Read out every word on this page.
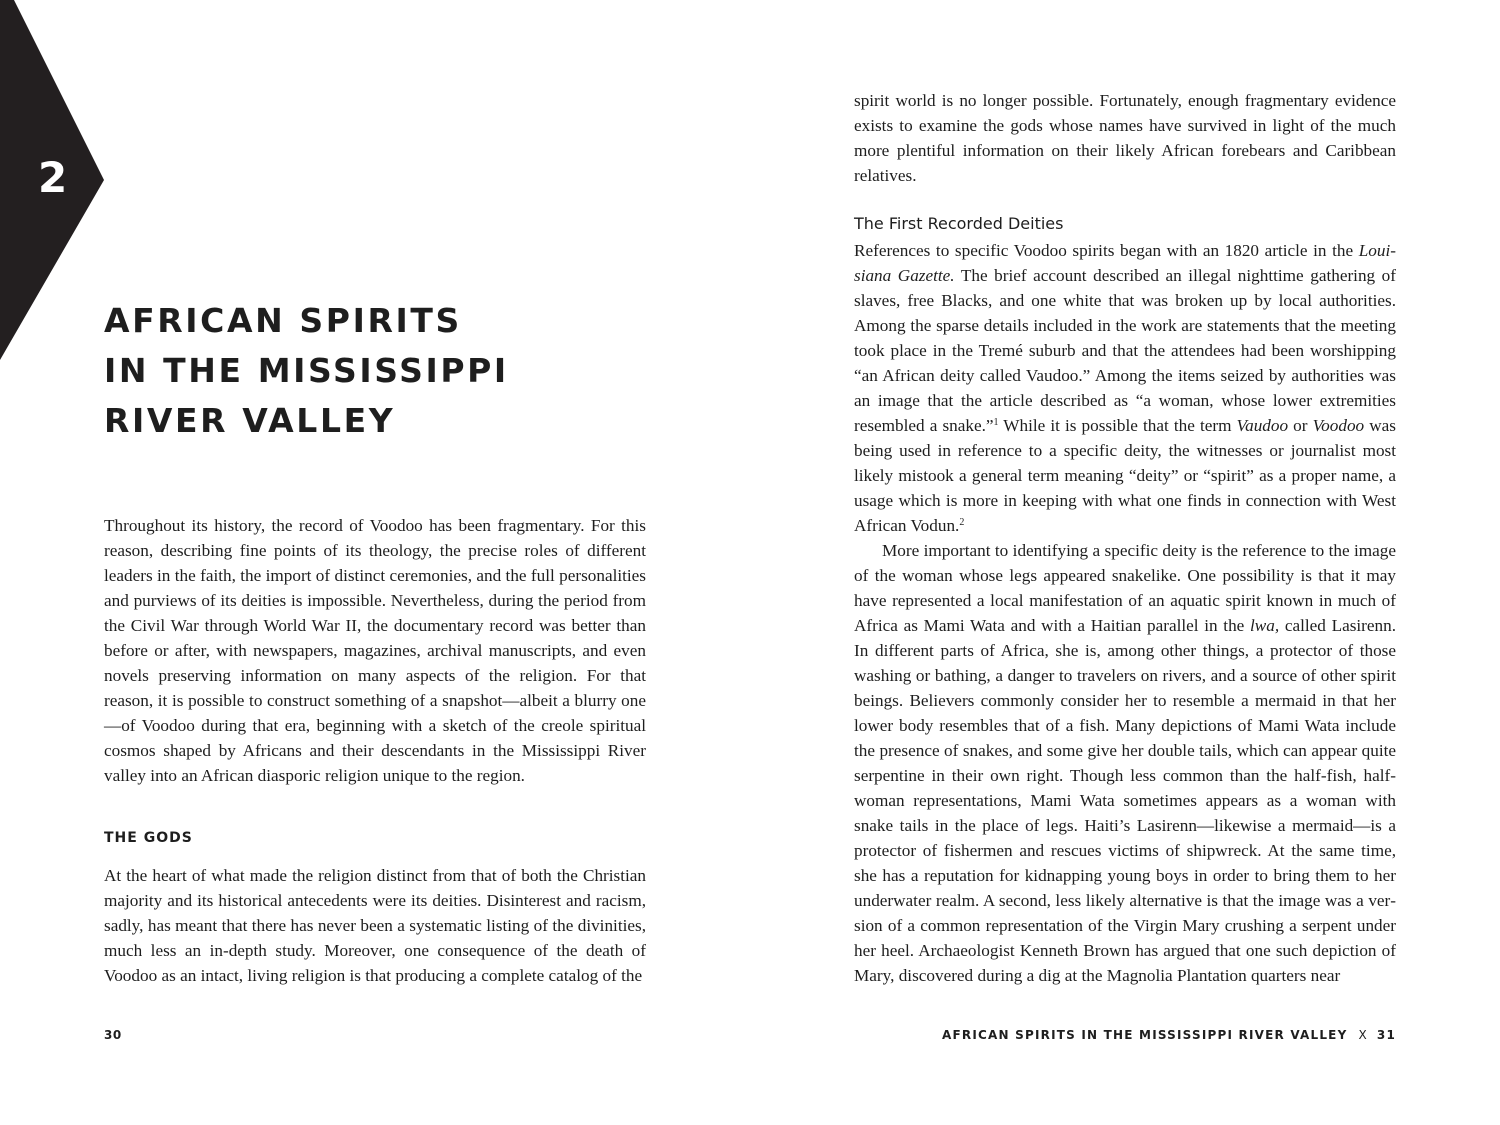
2
AFRICAN SPIRITS
IN THE MISSISSIPPI
RIVER VALLEY

Throughout its history, the record of Voodoo has been fragmentary. For this reason, describing fine points of its theology, the precise roles of different leaders in the faith, the import of distinct ceremonies, and the full personalities and purviews of its deities is impossible. Nevertheless, during the period from the Civil War through World War II, the documentary record was better than before or after, with newspapers, magazines, archival manuscripts, and even novels preserving information on many aspects of the religion. For that reason, it is possible to construct something of a snapshot—albeit a blurry one—of Voodoo during that era, beginning with a sketch of the creole spiritual cosmos shaped by Africans and their descendants in the Mississippi River valley into an African diasporic religion unique to the region.

THE GODS

At the heart of what made the religion distinct from that of both the Christian majority and its historical antecedents were its deities. Disinterest and racism, sadly, has meant that there has never been a systematic listing of the divinities, much less an in-depth study. Moreover, one consequence of the death of Voodoo as an intact, living religion is that producing a complete catalog of the

30

spirit world is no longer possible. Fortunately, enough fragmentary evidence exists to examine the gods whose names have survived in light of the much more plentiful information on their likely African forebears and Caribbean relatives.

The First Recorded Deities

References to specific Voodoo spirits began with an 1820 article in the Louisiana Gazette. The brief account described an illegal nighttime gathering of slaves, free Blacks, and one white that was broken up by local authorities. Among the sparse details included in the work are statements that the meeting took place in the Tremé suburb and that the attendees had been worshipping “an African deity called Vaudoo.” Among the items seized by authorities was an image that the article described as “a woman, whose lower extremities resembled a snake.”$^1$ While it is possible that the term Vaudoo or Voodoo was being used in reference to a specific deity, the witnesses or journalist most likely mistook a general term meaning “deity” or “spirit” as a proper name, a usage which is more in keeping with what one finds in connection with West African Vodun.$^2$

More important to identifying a specific deity is the reference to the image of the woman whose legs appeared snakelike. One possibility is that it may have represented a local manifestation of an aquatic spirit known in much of Africa as Mami Wata and with a Haitian parallel in the lwa, called Lasirenn. In different parts of Africa, she is, among other things, a protector of those washing or bathing, a danger to travelers on rivers, and a source of other spirit beings. Believers commonly consider her to resemble a mermaid in that her lower body resembles that of a fish. Many depictions of Mami Wata include the presence of snakes, and some give her double tails, which can appear quite serpentine in their own right. Though less common than the half-fish, half-woman representations, Mami Wata sometimes appears as a woman with snake tails in the place of legs. Haiti’s Lasirenn—likewise a mermaid—is a protector of fishermen and rescues victims of shipwreck. At the same time, she has a reputation for kidnapping young boys in order to bring them to her underwater realm. A second, less likely alternative is that the image was a version of a common representation of the Virgin Mary crushing a serpent under her heel. Archaeologist Kenneth Brown has argued that one such depiction of Mary, discovered during a dig at the Magnolia Plantation quarters near

AFRICAN SPIRITS IN THE MISSISSIPPI RIVER VALLEY X 31
